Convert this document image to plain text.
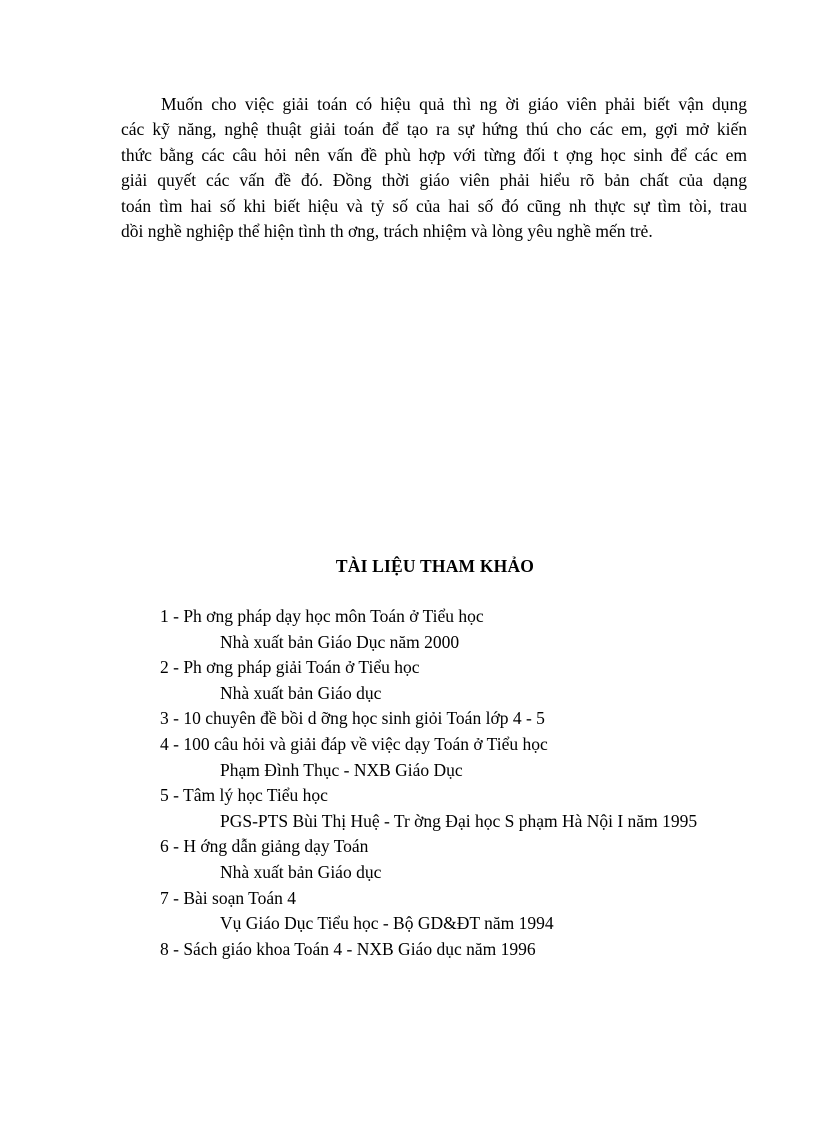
Muốn cho việc giải toán có hiệu quả thì ng ời giáo viên phải biết vận dụng
các kỹ năng, nghệ thuật giải toán để tạo ra sự hứng thú cho các em, gợi mở kiến
thức bằng các câu hỏi nên vấn đề phù hợp với từng đối t ợng học sinh để các em
giải quyết các vấn đề đó. Đồng thời giáo viên phải hiểu rõ bản chất của dạng
toán tìm hai số khi biết hiệu và tỷ số của hai số đó cũng nh thực sự tìm tòi, trau
dồi nghề nghiệp thể hiện tình th ơng, trách nhiệm và lòng yêu nghề mến trẻ.

TÀI LIỆU THAM KHẢO
1 - Ph ơng pháp dạy học môn Toán ở Tiểu học
Nhà xuất bản Giáo Dục năm 2000
2 - Ph ơng pháp giải Toán ở Tiểu học
Nhà xuất bản Giáo dục
3 - 10 chuyên đề bồi d ỡng học sinh giỏi Toán lớp 4 - 5
4 - 100 câu hỏi và giải đáp về việc dạy Toán ở Tiểu học
Phạm Đình Thục - NXB Giáo Dục
5 - Tâm lý học Tiểu học
PGS-PTS Bùi Thị Huệ - Tr ờng Đại học S phạm Hà Nội I năm 1995
6 - H ớng dẫn giảng dạy Toán
Nhà xuất bản Giáo dục
7 - Bài soạn Toán 4
Vụ Giáo Dục Tiểu học - Bộ GD&ĐT năm 1994
8 - Sách giáo khoa Toán 4 - NXB Giáo dục năm 1996
